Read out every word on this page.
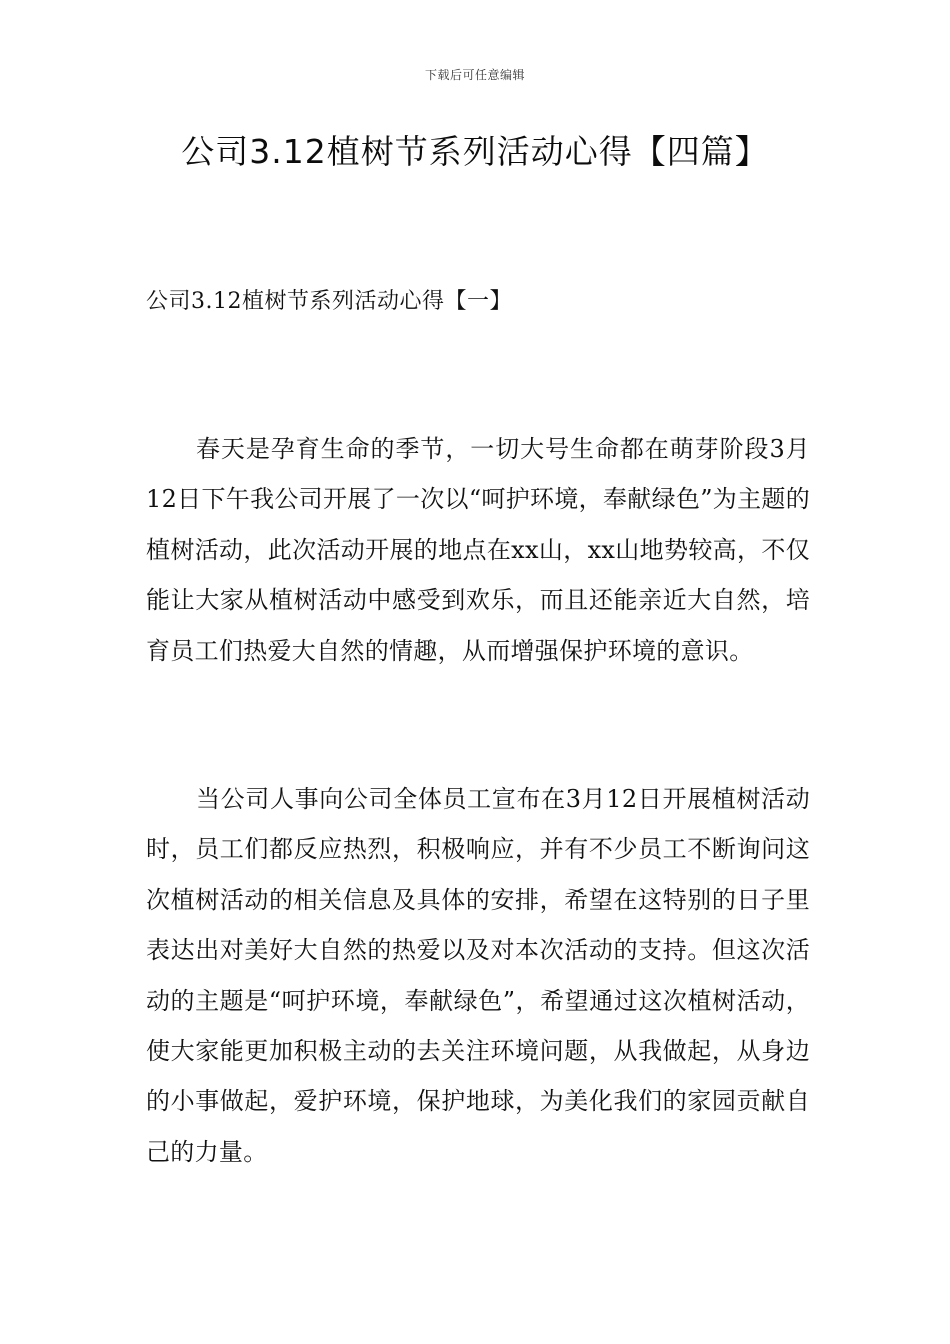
下载后可任意编辑
公司3.12植树节系列活动心得【四篇】
公司3.12植树节系列活动心得【一】

春天是孕育生命的季节，一切大号生命都在萌芽阶段3月12日下午我公司开展了一次以“呵护环境，奉献绿色”为主题的植树活动，此次活动开展的地点在xx山，xx山地势较高，不仅能让大家从植树活动中感受到欢乐，而且还能亲近大自然，培育员工们热爱大自然的情趣，从而增强保护环境的意识。

当公司人事向公司全体员工宣布在3月12日开展植树活动时，员工们都反应热烈，积极响应，并有不少员工不断询问这次植树活动的相关信息及具体的安排，希望在这特别的日子里表达出对美好大自然的热爱以及对本次活动的支持。但这次活动的主题是“呵护环境，奉献绿色”，希望通过这次植树活动，使大家能更加积极主动的去关注环境问题，从我做起，从身边的小事做起，爱护环境，保护地球，为美化我们的家园贡献自己的力量。
